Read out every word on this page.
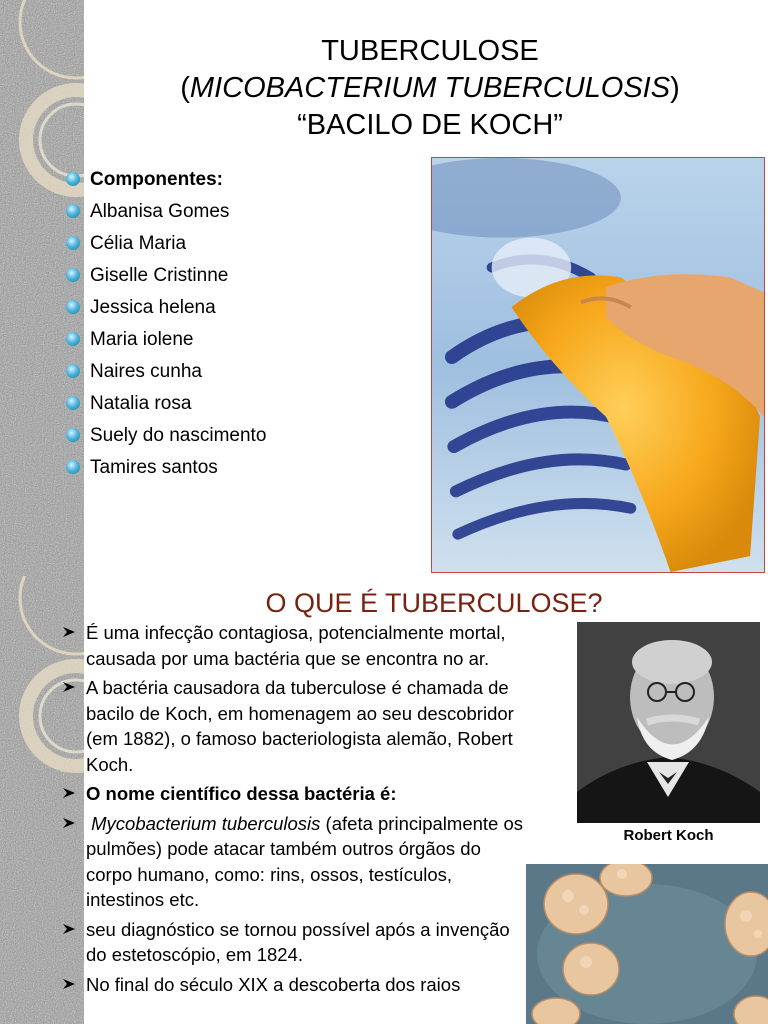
TUBERCULOSE
(MICOBACTERIUM TUBERCULOSIS)
“BACILO DE KOCH”
Componentes:
Albanisa Gomes
Célia Maria
Giselle Cristinne
Jessica helena
Maria iolene
Naires cunha
Natalia rosa
Suely do nascimento
Tamires santos
O QUE É TUBERCULOSE?
É uma infecção contagiosa, potencialmente mortal, causada por uma bactéria que se encontra no ar.
A bactéria causadora da tuberculose é chamada de bacilo de Koch, em homenagem ao seu descobridor (em 1882), o famoso bacteriologista alemão, Robert Koch.
O nome científico dessa bactéria é:
Mycobacterium tuberculosis (afeta principalmente os pulmões) pode atacar também outros órgãos do corpo humano, como: rins, ossos, testículos, intestinos etc.
seu diagnóstico se tornou possível após a invenção do estetoscópio, em 1824.
No final do século XIX a descoberta dos raios
Robert Koch
